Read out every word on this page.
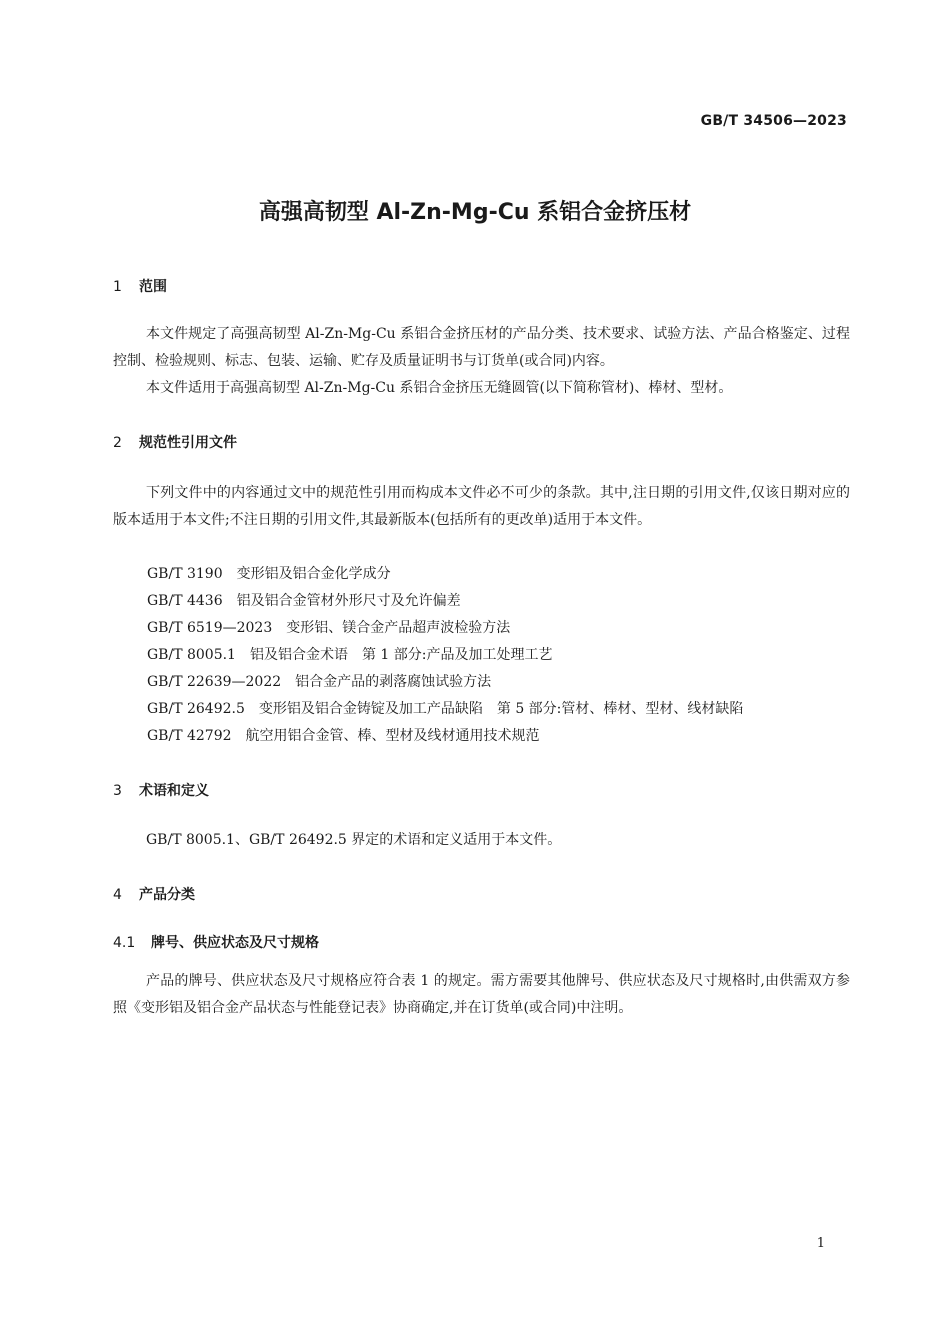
GB/T 34506—2023
高强高韧型 Al-Zn-Mg-Cu 系铝合金挤压材
1 范围
本文件规定了高强高韧型 Al-Zn-Mg-Cu 系铝合金挤压材的产品分类、技术要求、试验方法、产品合格鉴定、过程控制、检验规则、标志、包装、运输、贮存及质量证明书与订货单(或合同)内容。
本文件适用于高强高韧型 Al-Zn-Mg-Cu 系铝合金挤压无缝圆管(以下简称管材)、棒材、型材。
2 规范性引用文件
下列文件中的内容通过文中的规范性引用而构成本文件必不可少的条款。其中,注日期的引用文件,仅该日期对应的版本适用于本文件;不注日期的引用文件,其最新版本(包括所有的更改单)适用于本文件。
GB/T 3190 变形铝及铝合金化学成分
GB/T 4436 铝及铝合金管材外形尺寸及允许偏差
GB/T 6519—2023 变形铝、镁合金产品超声波检验方法
GB/T 8005.1 铝及铝合金术语　第 1 部分:产品及加工处理工艺
GB/T 22639—2022 铝合金产品的剥落腐蚀试验方法
GB/T 26492.5 变形铝及铝合金铸锭及加工产品缺陷　第 5 部分:管材、棒材、型材、线材缺陷
GB/T 42792 航空用铝合金管、棒、型材及线材通用技术规范
3 术语和定义
GB/T 8005.1、GB/T 26492.5 界定的术语和定义适用于本文件。
4 产品分类
4.1 牌号、供应状态及尺寸规格
产品的牌号、供应状态及尺寸规格应符合表 1 的规定。需方需要其他牌号、供应状态及尺寸规格时,由供需双方参照《变形铝及铝合金产品状态与性能登记表》协商确定,并在订货单(或合同)中注明。
1
